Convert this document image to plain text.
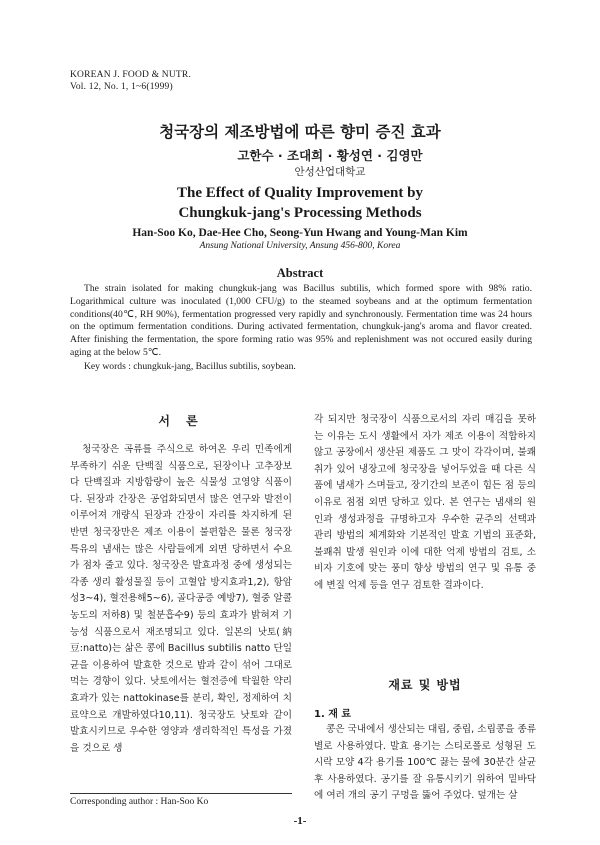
KOREAN J. FOOD & NUTR.
Vol. 12, No. 1, 1~6(1999)
청국장의 제조방법에 따른 향미 증진 효과
고한수 · 조대희 · 황성연 · 김영만
안성산업대학교
The Effect of Quality Improvement by
Chungkuk-jang's Processing Methods
Han-Soo Ko, Dae-Hee Cho, Seong-Yun Hwang and Young-Man Kim
Ansung National University, Ansung 456-800, Korea
Abstract

The strain isolated for making chungkuk-jang was Bacillus subtilis, which formed spore with 98% ratio. Logarithmical culture was inoculated (1,000 CFU/g) to the steamed soybeans and at the optimum fermentation conditions(40℃, RH 90%), fermentation progressed very rapidly and synchronously. Fermentation time was 24 hours on the optimum fermentation conditions. During activated fermentation, chungkuk-jang's aroma and flavor created. After finishing the fermentation, the spore forming ratio was 95% and replenishment was not occured easily during aging at the below 5℃.

Key words : chungkuk-jang, Bacillus subtilis, soybean.
서 론

청국장은 곡류를 주식으로 하여온 우리 민족에게 부족하기 쉬운 단백질 식품으로, 된장이나 고추장보다 단백질과 지방함량이 높은 식물성 고영양 식품이다. 된장과 간장은 공업화되면서 많은 연구와 발전이 이루어져 개량식 된장과 간장이 자리를 차지하게 된 반면 청국장만은 제조 이용이 불편함은 물론 청국장 특유의 냄새는 많은 사람들에게 외면 당하면서 수요가 점차 줄고 있다. 청국장은 발효과정 중에 생성되는 각종 생리 활성물질 등이 고혈압 방지효과1,2), 항암성3~4), 혈전용해5~6), 골다공증 예방7), 혈중 알콜농도의 저하8) 및 철분흡수9) 등의 효과가 밝혀져 기능성 식품으로서 재조명되고 있다. 일본의 낫토(納豆:natto)는 삶은 콩에 Bacillus subtilis natto 단일 균을 이용하여 발효한 것으로 밥과 같이 섞어 그대로 먹는 경향이 있다. 낫토에서는 혈전증에 탁월한 약리효과가 있는 nattokinase를 분리, 확인, 정제하여 치료약으로 개발하였다10,11). 청국장도 낫토와 같이 발효시키므로 우수한 영양과 생리학적인 특성을 가졌을 것으로 생

각 되지만 청국장이 식품으로서의 자리 매김을 못하는 이유는 도시 생활에서 자가 제조 이용이 적합하지 않고 공장에서 생산된 제품도 그 맛이 각각이며, 불쾌취가 있어 냉장고에 청국장을 넣어두었을 때 다른 식품에 냄새가 스며들고, 장기간의 보존이 힘든 점 등의 이유로 점점 외면 당하고 있다. 본 연구는 냄새의 원인과 생성과정을 규명하고자 우수한 균주의 선택과 관리 방법의 체계화와 기본적인 발효 기법의 표준화, 불쾌취 발생 원인과 이에 대한 억제 방법의 검토, 소비자 기호에 맞는 풍미 향상 방법의 연구 및 유통 중에 변질 억제 등을 연구 검토한 결과이다.

재료 및 방법
1. 재 료

콩은 국내에서 생산되는 대립, 중립, 소립콩을 종류별로 사용하였다. 발효 용기는 스티로폴로 성형된 도시락 모양 4각 용기를 100℃ 끓는 물에 30분간 살균 후 사용하였다. 공기를 잘 유통시키기 위하여 밑바닥에 여러 개의 공기 구멍을 뚫어 주었다. 덮개는 살

Corresponding author : Han-Soo Ko
-1-
